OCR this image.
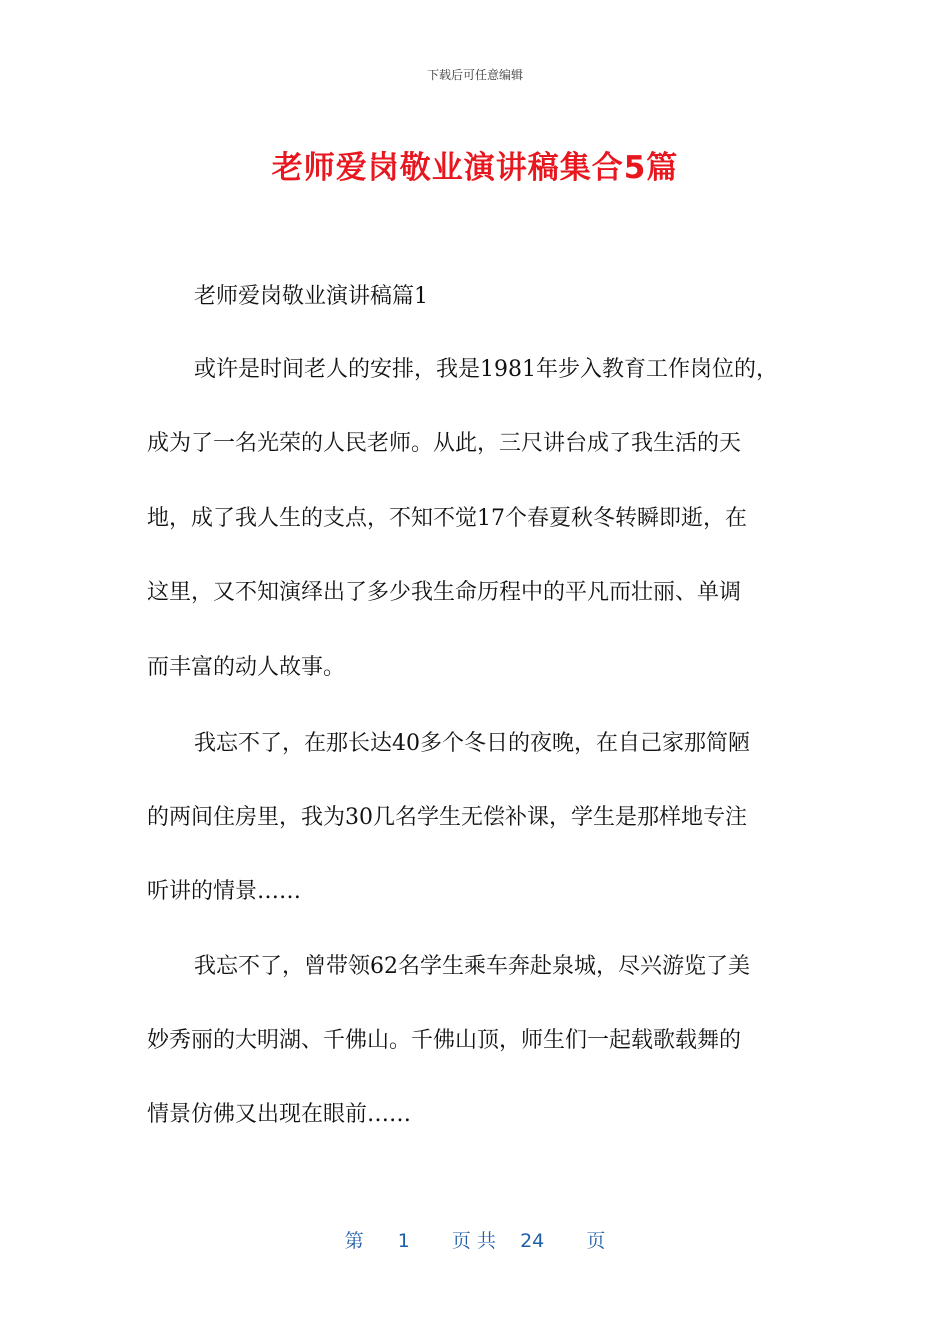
下载后可任意编辑
老师爱岗敬业演讲稿集合5篇
老师爱岗敬业演讲稿篇1
或许是时间老人的安排，我是1981年步入教育工作岗位的，
成为了一名光荣的人民老师。从此，三尺讲台成了我生活的天
地，成了我人生的支点，不知不觉17个春夏秋冬转瞬即逝，在
这里，又不知演绎出了多少我生命历程中的平凡而壮丽、单调
而丰富的动人故事。
我忘不了，在那长达40多个冬日的夜晚，在自己家那简陋
的两间住房里，我为30几名学生无偿补课，学生是那样地专注
听讲的情景……
我忘不了，曾带领62名学生乘车奔赴泉城，尽兴游览了美
妙秀丽的大明湖、千佛山。千佛山顶，师生们一起载歌载舞的
情景仿佛又出现在眼前……
第 1 页 共 24 页
